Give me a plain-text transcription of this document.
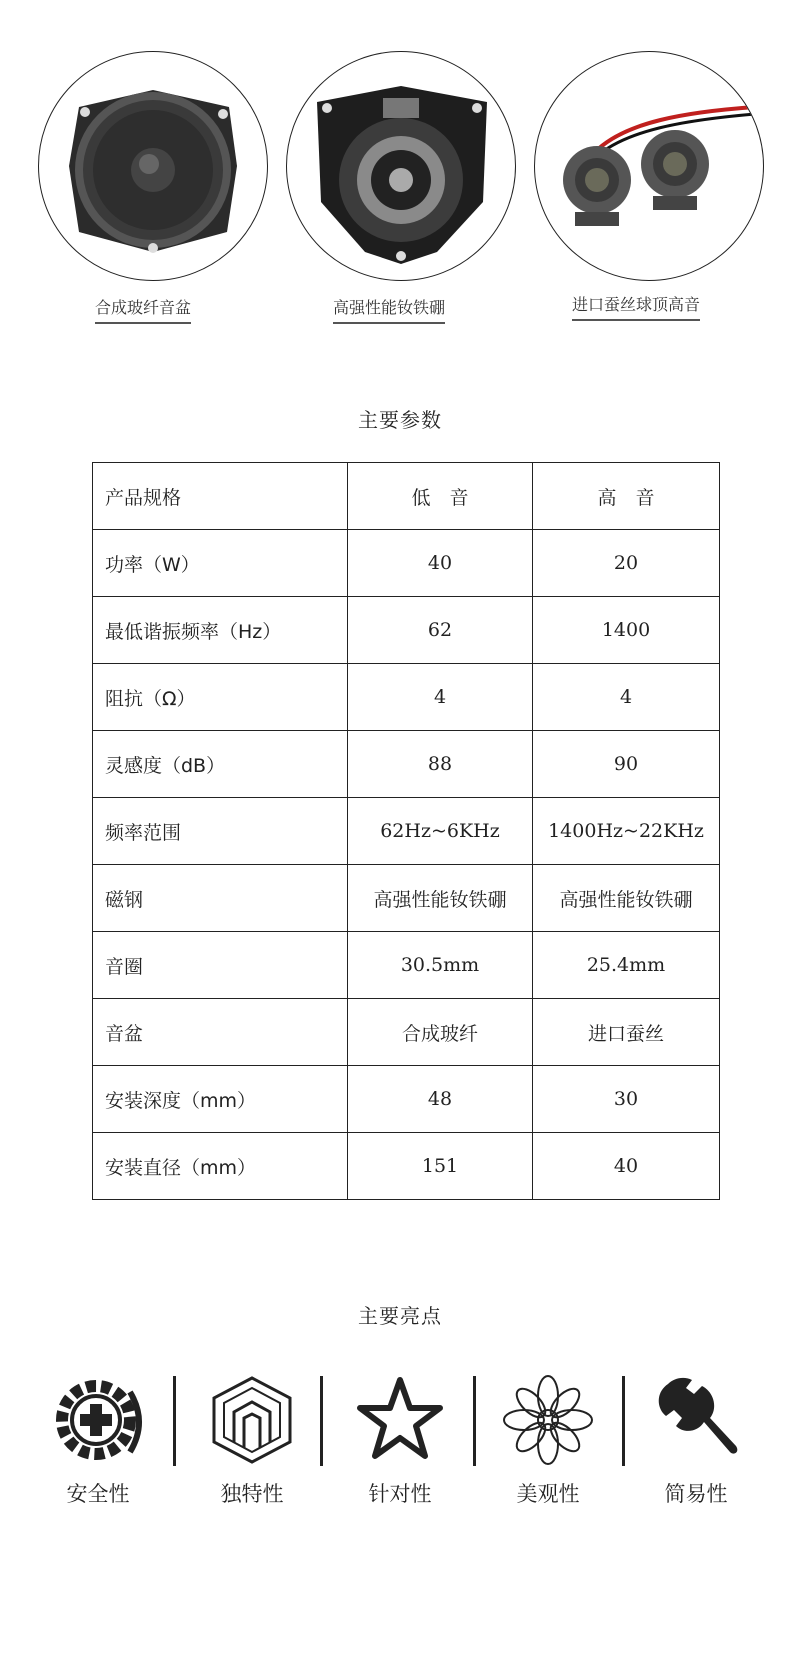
合成玻纤音盆	高强性能钕铁硼	进口蚕丝球顶高音
主要参数
产品规格	低　音	高　音
功率（W）	40	20
最低谐振频率（Hz）	62	1400
阻抗（Ω）	4	4
灵感度（dB）	88	90
频率范围	62Hz~6KHz	1400Hz~22KHz
磁钢	高强性能钕铁硼	高强性能钕铁硼
音圈	30.5mm	25.4mm
音盆	合成玻纤	进口蚕丝
安装深度（mm）	48	30
安装直径（mm）	151	40
主要亮点
安全性	独特性	针对性	美观性	简易性
